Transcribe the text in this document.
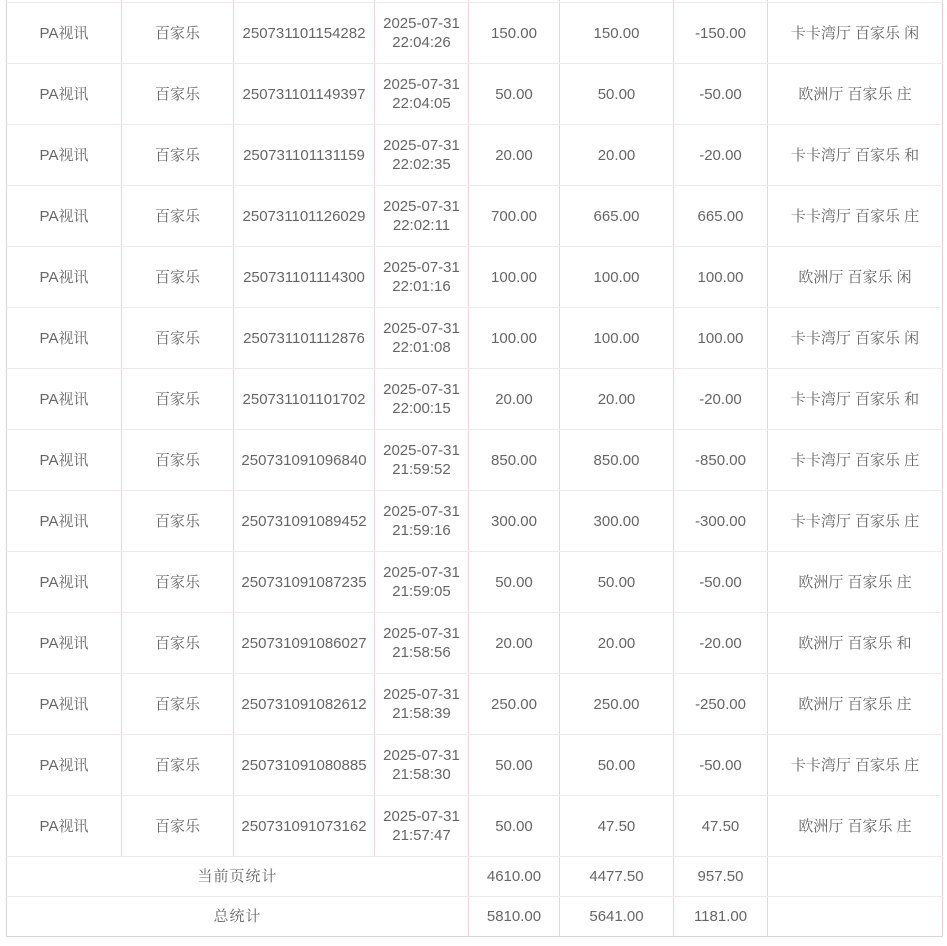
PA视讯	百家乐	250731101154282	2025-07-31 22:04:26	150.00	150.00	-150.00	卡卡湾厅 百家乐 闲
PA视讯	百家乐	250731101149397	2025-07-31 22:04:05	50.00	50.00	-50.00	欧洲厅 百家乐 庄
PA视讯	百家乐	250731101131159	2025-07-31 22:02:35	20.00	20.00	-20.00	卡卡湾厅 百家乐 和
PA视讯	百家乐	250731101126029	2025-07-31 22:02:11	700.00	665.00	665.00	卡卡湾厅 百家乐 庄
PA视讯	百家乐	250731101114300	2025-07-31 22:01:16	100.00	100.00	100.00	欧洲厅 百家乐 闲
PA视讯	百家乐	250731101112876	2025-07-31 22:01:08	100.00	100.00	100.00	卡卡湾厅 百家乐 闲
PA视讯	百家乐	250731101101702	2025-07-31 22:00:15	20.00	20.00	-20.00	卡卡湾厅 百家乐 和
PA视讯	百家乐	250731091096840	2025-07-31 21:59:52	850.00	850.00	-850.00	卡卡湾厅 百家乐 庄
PA视讯	百家乐	250731091089452	2025-07-31 21:59:16	300.00	300.00	-300.00	卡卡湾厅 百家乐 庄
PA视讯	百家乐	250731091087235	2025-07-31 21:59:05	50.00	50.00	-50.00	欧洲厅 百家乐 庄
PA视讯	百家乐	250731091086027	2025-07-31 21:58:56	20.00	20.00	-20.00	欧洲厅 百家乐 和
PA视讯	百家乐	250731091082612	2025-07-31 21:58:39	250.00	250.00	-250.00	欧洲厅 百家乐 庄
PA视讯	百家乐	250731091080885	2025-07-31 21:58:30	50.00	50.00	-50.00	卡卡湾厅 百家乐 庄
PA视讯	百家乐	250731091073162	2025-07-31 21:57:47	50.00	47.50	47.50	欧洲厅 百家乐 庄
当前页统计				4610.00	4477.50	957.50	
总统计				5810.00	5641.00	1181.00	
